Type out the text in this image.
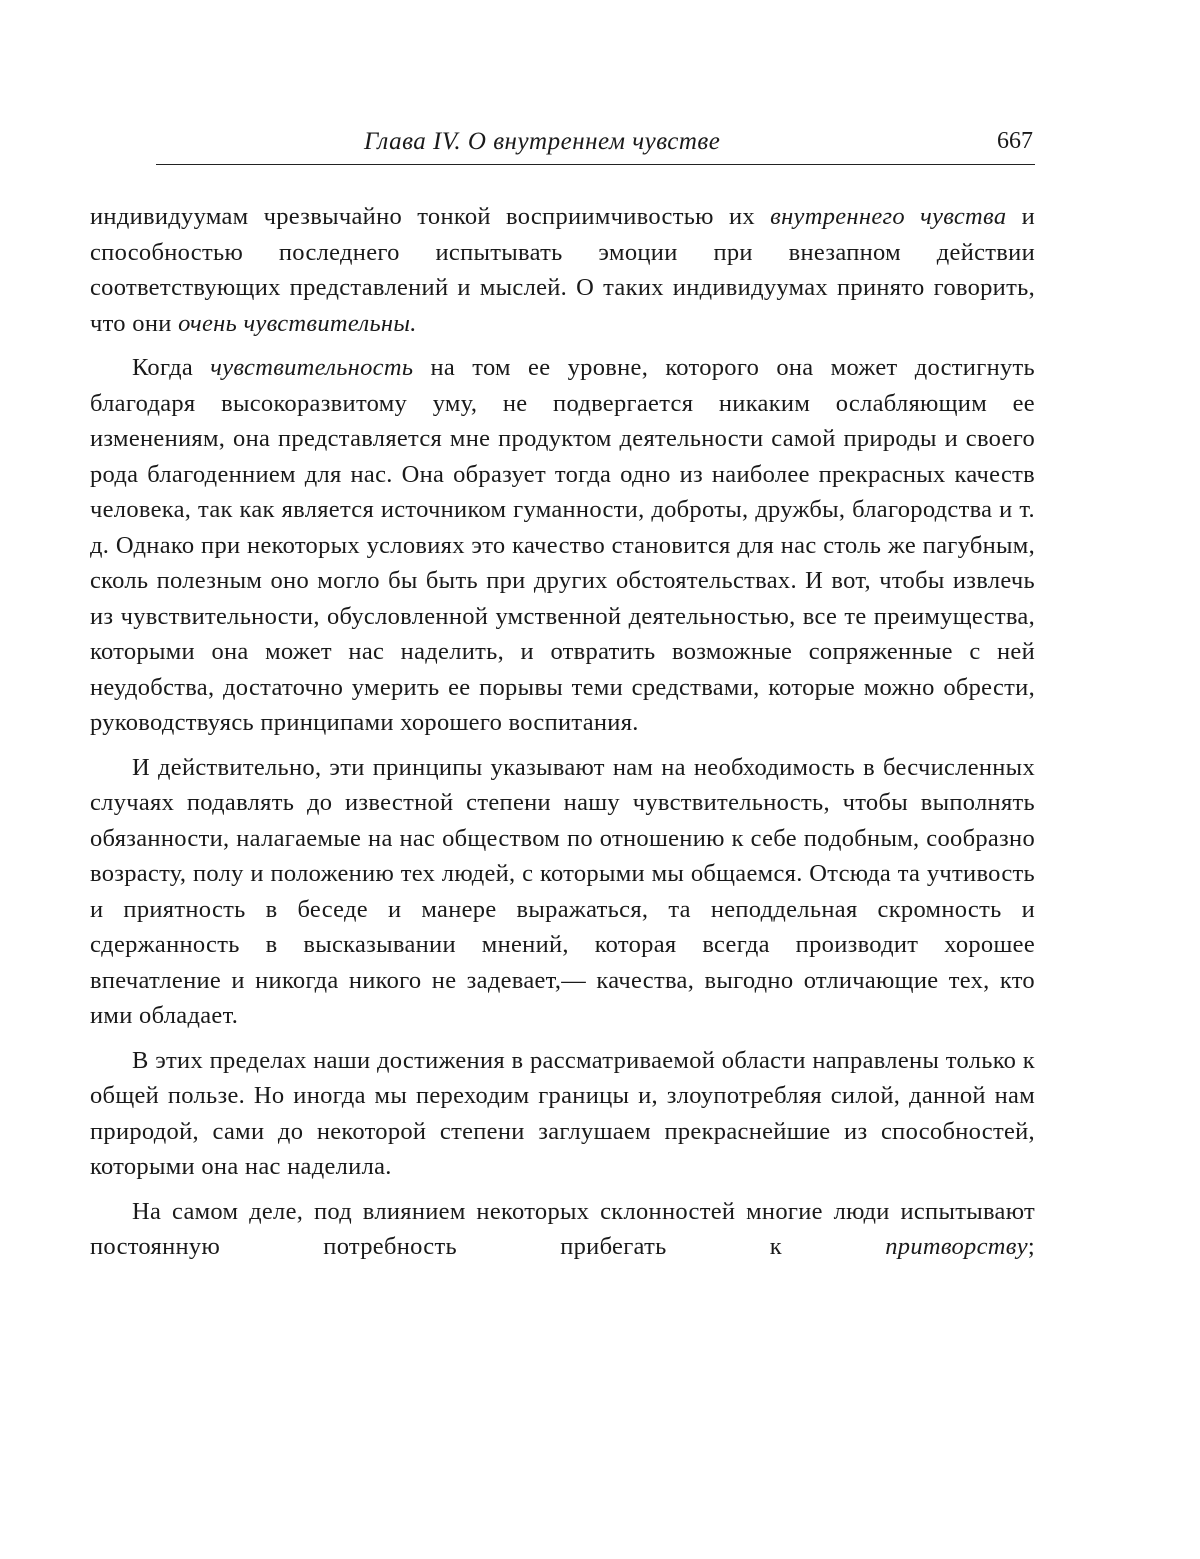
Глава IV. О внутреннем чувстве	667

индивидуумам чрезвычайно тонкой восприимчивостью их внутреннего чувства и способностью последнего испытывать эмоции при внезапном действии соответствующих представлений и мыслей. О таких индивидуумах принято говорить, что они очень чувствительны.

Когда чувствительность на том ее уровне, которого она может достигнуть благодаря высокоразвитому уму, не подвергается никаким ослабляющим ее изменениям, она представляется мне продуктом деятельности самой природы и своего рода благоденнием для нас. Она образует тогда одно из наиболее прекрасных качеств человека, так как является источником гуманности, доброты, дружбы, благородства и т. д. Однако при некоторых условиях это качество становится для нас столь же пагубным, сколь полезным оно могло бы быть при других обстоятельствах. И вот, чтобы извлечь из чувствительности, обусловленной умственной деятельностью, все те преимущества, которыми она может нас наделить, и отвратить возможные сопряженные с ней неудобства, достаточно умерить ее порывы теми средствами, которые можно обрести, руководствуясь принципами хорошего воспитания.

И действительно, эти принципы указывают нам на необходимость в бесчисленных случаях подавлять до известной степени нашу чувствительность, чтобы выполнять обязанности, налагаемые на нас обществом по отношению к себе подобным, сообразно возрасту, полу и положению тех людей, с которыми мы общаемся. Отсюда та учтивость и приятность в беседе и манере выражаться, та неподдельная скромность и сдержанность в высказывании мнений, которая всегда производит хорошее впечатление и никогда никого не задевает,— качества, выгодно отличающие тех, кто ими обладает.

В этих пределах наши достижения в рассматриваемой области направлены только к общей пользе. Но иногда мы переходим границы и, злоупотребляя силой, данной нам природой, сами до некоторой степени заглушаем прекраснейшие из способностей, которыми она нас наделила.

На самом деле, под влиянием некоторых склонностей многие люди испытывают постоянную потребность прибегать к притворству;
